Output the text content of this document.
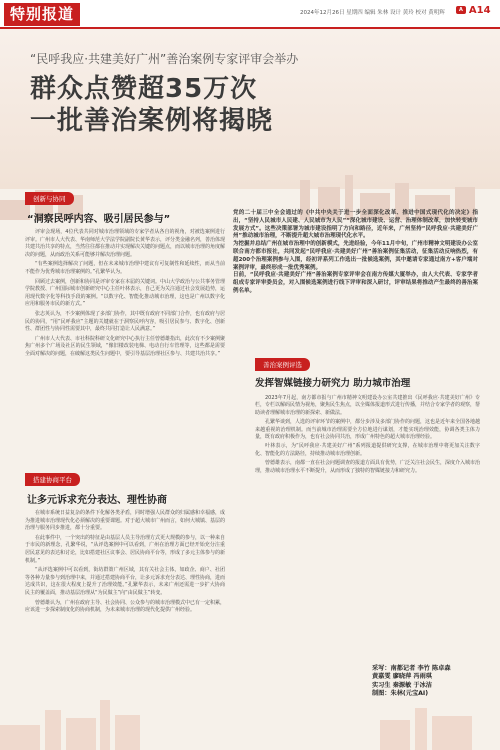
特别报道	2024年12月26日 星期四 编辑 朱林 设计 黄玲 校对 黄明辉	A A14
“民呼我应·共建美好广州”善治案例专家评审会举办
群众点赞超35万次
一批善治案例将揭晓
创新与协同
“洞察民呼内容、吸引居民参与”

评审会现场，4位代表共同对城市治理领域的专家学者从各自的视角，对被选案例进行评审。广州市人大代表、华南师范大学法学院副院长黄华表示，评分类金融名列，善治体现共建共治共享的特点，当然往往都在推动并实现解决关键的问题点，而以城市治理的角度解决的问题，从而政治关系可能够并解决治理问题。

“有些案例选择解决了问题，但在未来城市治理中建议有可复制性和延续性，而从当前不能作为优秀城市治理案例的。”孔繁华认为。

回顾过去案例，创新和协同是评审专家在本届的关键词。中山大学政治与公共事务管理学院教授、广州国际城市创新研究中心主任叶林表示，自己更为关注通过社会发展趋势，运用现代数字化等科技手段的案例。“以数字化、智能化推动城市治理，这也是广州以数字化应用和服务市民的新方式。”

张志英认为，不少案例体现了多部门协作，其中既有政府不同部门合作，也有政府与居民的协同，“用”民呼我应”主题的关键就在于洞察民呼内容，吸引居民参与、数字化、创新性、群团性与协同性需要其中，最终共同打造让人民满意。”

广州市人大代表、市社科院科研文化研究中心执行主任曾德雄指出，此次有不少案例聚焦广州多个广场及社区的民生领域，“像旧楼改装电梯、电动自行车管理等，这些都是需要全面对解决的问题，在破解这类民生问题中，要引导基层治理社区参与、共建共治共享。”

搭建协商平台
让多元诉求充分表达、理性协商

在城市系统日益复杂的条件下化解各类矛盾，同时增强人民群众的归属感和幸福感，成为推进城市治理现代化必须解决的重要课题。对于超大城市广州而言，如何大城镇、基层的治理与服务同步推进，都十分重要。

在此事件中，一个突出的特征是由基层人员主导治理方式更大规模的参与，以一种来自于市民的新理念，孔繁华说，“从评选案例中可以看到，广州在治理方面已经开始充分注重居民意见的表达和讨论，比如搭建社区议事会、居民协商平台等，形成了多元主体参与的新机制。”

“从评选案例中可以看到，街坊群策广州区域，其有关社会主体，如政企、商户、社团等各种力量参与到治理中来，并通过搭建协商平台，让多元诉求充分表达、理性协商，进而达成共识，这在很大程度上提升了治理效能。”孔繁华表示，未来广州还需进一步扩大协商民主的覆盖面，推动基层治理从“为民做主”向“由民做主”转变。

曾德雄认为，广州在政府主导、社会协同、公众参与的城市治理模式中已有一定积累，应该进一步探索制度化的协商机制，为未来城市治理的现代化提供广州经验。

党的二十届三中全会通过的《中共中央关于进一步全面深化改革、推进中国式现代化的决定》指出，“坚持人民城市人民建、人民城市为人民”“深化城市建设、运营、治理体制改革，加快转变城市发展方式”。这些决策部署为城市建设指明了方向和路径，近年来，广州坚持“民呼我应·共建美好广州”推动城市治理，不断提升超大城市治理现代化水平。

为挖掘并总结广州在城市治理中的创新模式，先进经验，今年11月中旬，广州市精神文明建设办公室联合南方都市报社，共同发起“民呼我应·共建美好广州”善治案例征集活动，征集活动反响热烈，有超200个治理案例参与入围，经初评系列工作选出一批候选案例，其中邀请专家通过南方+客户端对案例评审，最终形成一批优秀案例。

日前，“民呼我应·共建美好广州”善治案例专家评审会在南方传媒大厦举办，由人大代表、专家学者组成专家评审委员会，对入围候选案例进行线下评审和深入研讨，评审结果将推动产生最终的善治案例名单。

善治案例评选
发挥智媒链接力研究力 助力城市治理

2023年7月起，南方都市报与广州市精神文明建设办公室共建推出《民呼我应·共建美好广州》专栏，专栏以解码民情为视角，聚焦民生焦点，以全媒体报道形式进行传播，并结合专家学者的观察，帮助读者理解城市治理的新探索、新做法。

孔繁华谈到，人选的评审环节的案例中，都分步涉及多部门协作的问题，这也是近年来全国各地越来越重视的治理机制。而当前城市治理需要全方位地进行谋划，才能实现治理效能，协调各类主体力量，既有政府积极作为，也有社会协同共治，形成广州特色的超大城市治理经验。

叶林表示，为“民呼我应·共建美好广州”系列报道提供研究支撑，在城市治理中将更加关注数字化、智能化的方法路径，持续推动城市治理创新。

曾德雄表示，南都一直在社会问题调查的报道方面具有优势，广泛关注社会民生，深度介入城市治理，推动城市治理水平不断提升，从而形成了独特的智媒链接力和研究力。

采写：南都记者 李竹 陈卓森
黄嘉雯 廖晓萍 冯雨琪
实习生 秦源敏 于冰洁
制图：朱林(元宝AI)
